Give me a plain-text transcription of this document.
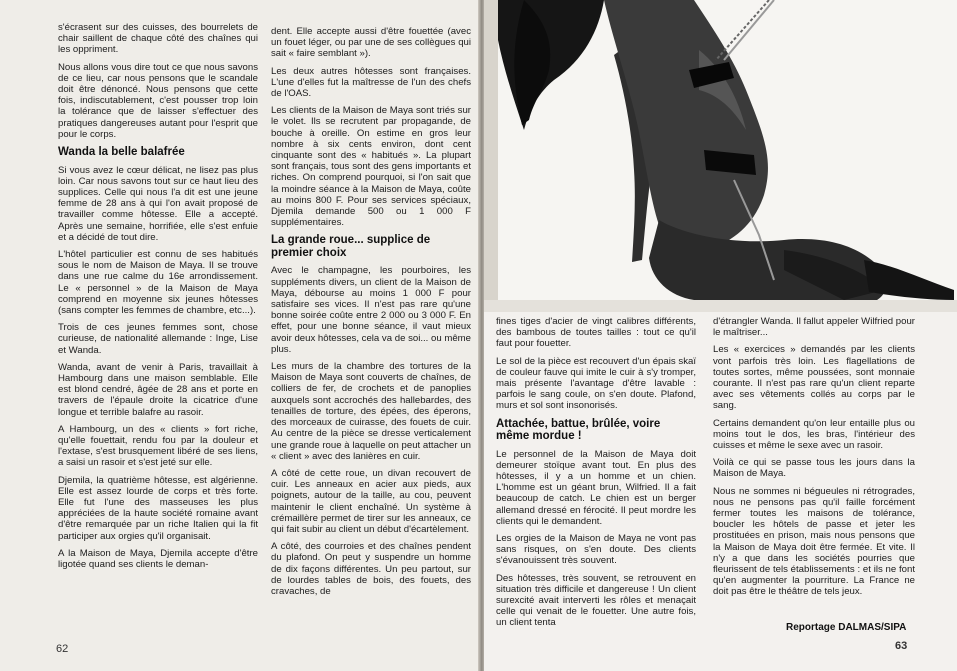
s'écrasent sur des cuisses, des bourrelets de chair saillent de chaque côté des chaînes qui les oppriment.

Nous allons vous dire tout ce que nous savons de ce lieu, car nous pensons que le scandale doit être dénoncé. Nous pensons que cette fois, indiscutablement, c'est pousser trop loin la tolérance que de laisser s'effectuer des pratiques dangereuses autant pour l'esprit que pour le corps.

Wanda la belle balafrée

Si vous avez le cœur délicat, ne lisez pas plus loin. Car nous savons tout sur ce haut lieu des supplices. Celle qui nous l'a dit est une jeune femme de 28 ans à qui l'on avait proposé de travailler comme hôtesse. Elle a accepté. Après une semaine, horrifiée, elle s'est enfuie et a décidé de tout dire.

L'hôtel particulier est connu de ses habitués sous le nom de Maison de Maya. Il se trouve dans une rue calme du 16e arrondissement. Le « personnel » de la Maison de Maya comprend en moyenne six jeunes hôtesses (sans compter les femmes de chambre, etc...).

Trois de ces jeunes femmes sont, chose curieuse, de nationalité allemande : Inge, Lise et Wanda.

Wanda, avant de venir à Paris, travaillait à Hambourg dans une maison semblable. Elle est blond cendré, âgée de 28 ans et porte en travers de l'épaule droite la cicatrice d'une longue et terrible balafre au rasoir.

A Hambourg, un des « clients » fort riche, qu'elle fouettait, rendu fou par la douleur et l'extase, s'est brusquement libéré de ses liens, a saisi un rasoir et s'est jeté sur elle.

Djemila, la quatrième hôtesse, est algérienne. Elle est assez lourde de corps et très forte. Elle fut l'une des masseuses les plus appréciées de la haute société romaine avant d'être remarquée par un riche Italien qui la fit participer aux orgies qu'il organisait.

A la Maison de Maya, Djemila accepte d'être ligotée quand ses clients le deman-

dent. Elle accepte aussi d'être fouettée (avec un fouet léger, ou par une de ses collègues qui sait « faire semblant »).

Les deux autres hôtesses sont françaises. L'une d'elles fut la maîtresse de l'un des chefs de l'OAS.

Les clients de la Maison de Maya sont triés sur le volet. Ils se recrutent par propagande, de bouche à oreille. On estime en gros leur nombre à six cents environ, dont cent cinquante sont des « habitués ». La plupart sont français, tous sont des gens importants et riches. On comprend pourquoi, si l'on sait que la moindre séance à la Maison de Maya, coûte au moins 800 F. Pour ses services spéciaux, Djemila demande 500 ou 1 000 F supplémentaires.

La grande roue... supplice de premier choix

Avec le champagne, les pourboires, les suppléments divers, un client de la Maison de Maya, débourse au moins 1 000 F pour satisfaire ses vices. Il n'est pas rare qu'une bonne soirée coûte entre 2 000 ou 3 000 F. En effet, pour une bonne séance, il vaut mieux avoir deux hôtesses, cela va de soi... ou même plus.

Les murs de la chambre des tortures de la Maison de Maya sont couverts de chaînes, de colliers de fer, de crochets et de panoplies auxquels sont accrochés des hallebardes, des tenailles de torture, des épées, des éperons, des morceaux de cuirasse, des fouets de cuir. Au centre de la pièce se dresse verticalement une grande roue à laquelle on peut attacher un « client » avec des lanières en cuir.

A côté de cette roue, un divan recouvert de cuir. Les anneaux en acier aux pieds, aux poignets, autour de la taille, au cou, peuvent maintenir le client enchaîné. Un système à crémaillère permet de tirer sur les anneaux, ce qui fait subir au client un début d'écartèlement.

A côté, des courroies et des chaînes pendent du plafond. On peut y suspendre un homme de dix façons différentes. Un peu partout, sur de lourdes tables de bois, des fouets, des cravaches, de

62

fines tiges d'acier de vingt calibres différents, des bambous de toutes tailles : tout ce qu'il faut pour fouetter.

Le sol de la pièce est recouvert d'un épais skaï de couleur fauve qui imite le cuir à s'y tromper, mais présente l'avantage d'être lavable : parfois le sang coule, on s'en doute. Plafond, murs et sol sont insonorisés.

Attachée, battue, brûlée, voire même mordue !

Le personnel de la Maison de Maya doit demeurer stoïque avant tout. En plus des hôtesses, il y a un homme et un chien. L'homme est un géant brun, Wilfried. Il a fait beaucoup de catch. Le chien est un berger allemand dressé en férocité. Il peut mordre les clients qui le demandent.

Les orgies de la Maison de Maya ne vont pas sans risques, on s'en doute. Des clients s'évanouissent très souvent.

Des hôtesses, très souvent, se retrouvent en situation très difficile et dangereuse ! Un client surexcité avait interverti les rôles et menaçait celle qui venait de le fouetter. Une autre fois, un client tenta

d'étrangler Wanda. Il fallut appeler Wilfried pour le maîtriser...

Les « exercices » demandés par les clients vont parfois très loin. Les flagellations de toutes sortes, même poussées, sont monnaie courante. Il n'est pas rare qu'un client reparte avec ses vêtements collés au corps par le sang.

Certains demandent qu'on leur entaille plus ou moins tout le dos, les bras, l'intérieur des cuisses et même le sexe avec un rasoir.

Voilà ce qui se passe tous les jours dans la Maison de Maya.

Nous ne sommes ni bégueules ni rétrogrades, nous ne pensons pas qu'il faille forcément fermer toutes les maisons de tolérance, boucler les hôtels de passe et jeter les prostituées en prison, mais nous pensons que la Maison de Maya doit être fermée. Et vite. Il n'y a que dans les sociétés pourries que fleurissent de tels établissements : et ils ne font qu'en augmenter la pourriture. La France ne doit pas être le théâtre de tels jeux.

Reportage DALMAS/SIPA
63
